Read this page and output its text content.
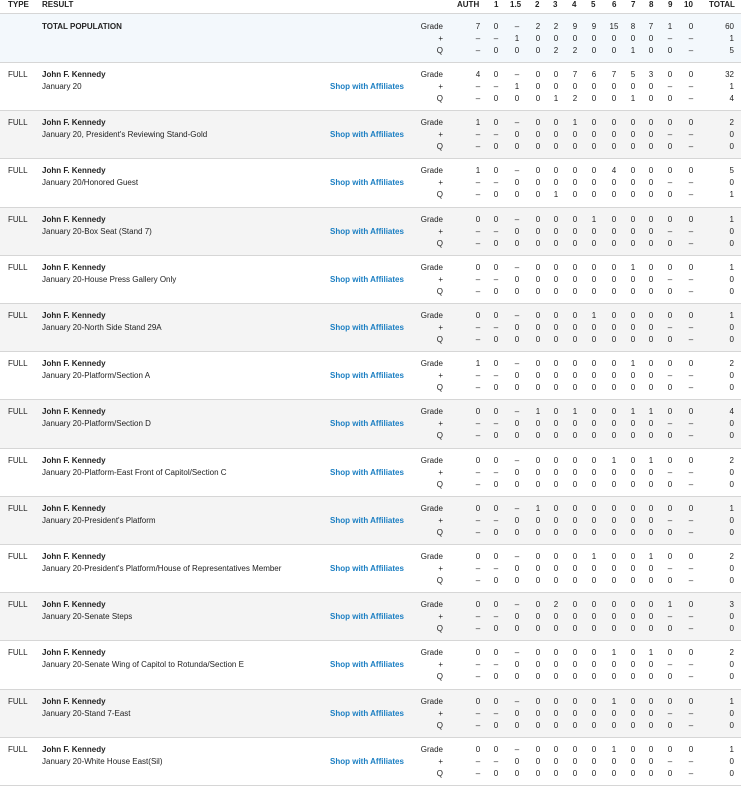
TYPE RESULT	AUTH 1 1.5 2 3 4 5 6 7 8 9 10 TOTAL
TOTAL POPULATION	Grade	7	0	–	2	2	9	9	15	8	7	1	0	60
+	–	–	1	0	0	0	0	0	0	0	–	–	1
Q	–	0	0	0	2	2	0	0	1	0	0	–	5
FULL John F. Kennedy
January 20	Shop with Affiliates
Grade	4	0	–	0	0	7	6	7	5	3	0	0	32
+	–	–	1	0	0	0	0	0	0	0	–	–	1
Q	–	0	0	0	1	2	0	0	1	0	0	–	4
FULL John F. Kennedy
January 20, President's Reviewing Stand-Gold	Shop with Affiliates
Grade	1	0	–	0	0	1	0	0	0	0	0	0	2
+	–	–	0	0	0	0	0	0	0	0	–	–	0
Q	–	0	0	0	0	0	0	0	0	0	0	–	0
FULL John F. Kennedy
January 20/Honored Guest	Shop with Affiliates
Grade	1	0	–	0	0	0	0	4	0	0	0	0	5
+	–	–	0	0	0	0	0	0	0	0	–	–	0
Q	–	0	0	0	1	0	0	0	0	0	0	–	1
FULL John F. Kennedy
January 20-Box Seat (Stand 7)	Shop with Affiliates
Grade	0	0	–	0	0	0	1	0	0	0	0	0	1
+	–	–	0	0	0	0	0	0	0	0	–	–	0
Q	–	0	0	0	0	0	0	0	0	0	0	–	0
FULL John F. Kennedy
January 20-House Press Gallery Only	Shop with Affiliates
Grade	0	0	–	0	0	0	0	0	1	0	0	0	1
+	–	–	0	0	0	0	0	0	0	0	–	–	0
Q	–	0	0	0	0	0	0	0	0	0	0	–	0
FULL John F. Kennedy
January 20-North Side Stand 29A	Shop with Affiliates
Grade	0	0	–	0	0	0	1	0	0	0	0	0	1
+	–	–	0	0	0	0	0	0	0	0	–	–	0
Q	–	0	0	0	0	0	0	0	0	0	0	–	0
FULL John F. Kennedy
January 20-Platform/Section A	Shop with Affiliates
Grade	1	0	–	0	0	0	0	0	1	0	0	0	2
+	–	–	0	0	0	0	0	0	0	0	–	–	0
Q	–	0	0	0	0	0	0	0	0	0	0	–	0
FULL John F. Kennedy
January 20-Platform/Section D	Shop with Affiliates
Grade	0	0	–	1	0	1	0	0	1	1	0	0	4
+	–	–	0	0	0	0	0	0	0	0	–	–	0
Q	–	0	0	0	0	0	0	0	0	0	0	–	0
FULL John F. Kennedy
January 20-Platform-East Front of Capitol/Section C	Shop with Affiliates
Grade	0	0	–	0	0	0	0	1	0	1	0	0	2
+	–	–	0	0	0	0	0	0	0	0	–	–	0
Q	–	0	0	0	0	0	0	0	0	0	0	–	0
FULL John F. Kennedy
January 20-President's Platform	Shop with Affiliates
Grade	0	0	–	1	0	0	0	0	0	0	0	0	1
+	–	–	0	0	0	0	0	0	0	0	–	–	0
Q	–	0	0	0	0	0	0	0	0	0	0	–	0
FULL John F. Kennedy
January 20-President's Platform/House of Representatives Member	Shop with Affiliates
Grade	0	0	–	0	0	0	1	0	0	1	0	0	2
+	–	–	0	0	0	0	0	0	0	0	–	–	0
Q	–	0	0	0	0	0	0	0	0	0	0	–	0
FULL John F. Kennedy
January 20-Senate Steps	Shop with Affiliates
Grade	0	0	–	0	2	0	0	0	0	0	1	0	3
+	–	–	0	0	0	0	0	0	0	0	–	–	0
Q	–	0	0	0	0	0	0	0	0	0	0	–	0
FULL John F. Kennedy
January 20-Senate Wing of Capitol to Rotunda/Section E	Shop with Affiliates
Grade	0	0	–	0	0	0	0	1	0	1	0	0	2
+	–	–	0	0	0	0	0	0	0	0	–	–	0
Q	–	0	0	0	0	0	0	0	0	0	0	–	0
FULL John F. Kennedy
January 20-Stand 7-East	Shop with Affiliates
Grade	0	0	–	0	0	0	0	1	0	0	0	0	1
+	–	–	0	0	0	0	0	0	0	0	–	–	0
Q	–	0	0	0	0	0	0	0	0	0	0	–	0
FULL John F. Kennedy
January 20-White House East(Sil)	Shop with Affiliates
Grade	0	0	–	0	0	0	0	1	0	0	0	0	1
+	–	–	0	0	0	0	0	0	0	0	–	–	0
Q	–	0	0	0	0	0	0	0	0	0	0	–	0
